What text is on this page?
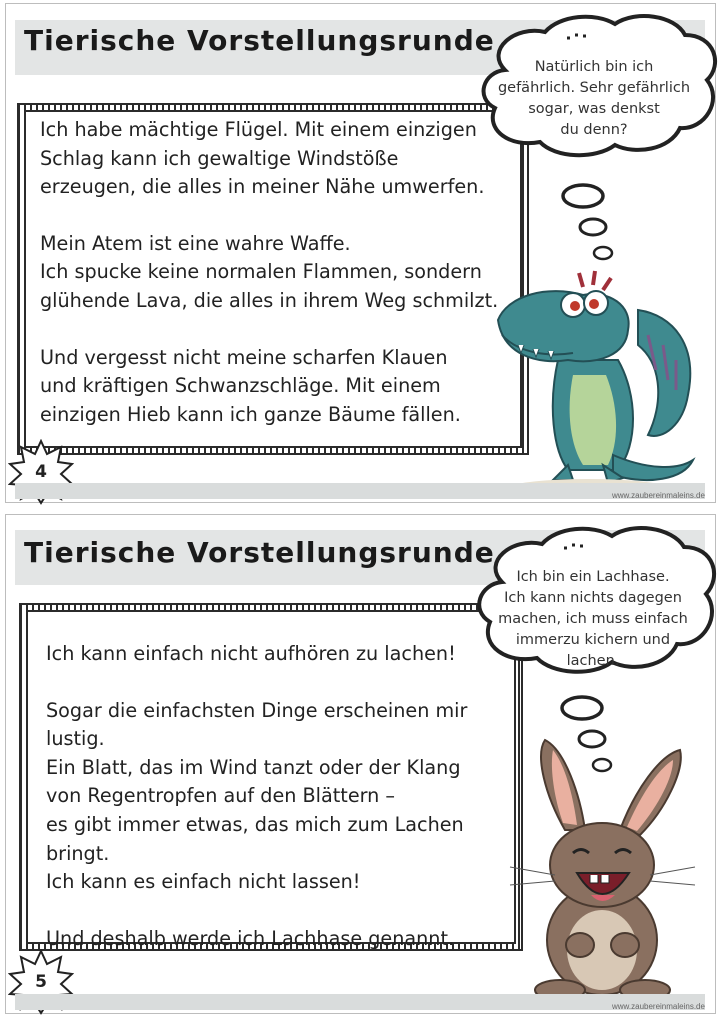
Tierische Vorstellungsrunde
Ich habe mächtige Flügel. Mit einem einzigen
Schlag kann ich gewaltige Windstöße
erzeugen, die alles in meiner Nähe umwerfen.
Mein Atem ist eine wahre Waffe.
Ich spucke keine normalen Flammen, sondern
glühende Lava, die alles in ihrem Weg schmilzt.
Und vergesst nicht meine scharfen Klauen
und kräftigen Schwanzschläge. Mit einem
einzigen Hieb kann ich ganze Bäume fällen.
Natürlich bin ich
gefährlich. Sehr gefährlich
sogar, was denkst
du denn?
4
www.zaubereinmaleins.de
Tierische Vorstellungsrunde
Ich kann einfach nicht aufhören zu lachen!
Sogar die einfachsten Dinge erscheinen mir
lustig.
Ein Blatt, das im Wind tanzt oder der Klang
von Regentropfen auf den Blättern –
es gibt immer etwas, das mich zum Lachen
bringt.
Ich kann es einfach nicht lassen!
Und deshalb werde ich Lachhase genannt.
Ich bin ein Lachhase.
Ich kann nichts dagegen
machen, ich muss einfach
immerzu kichern und
lachen.
5
www.zaubereinmaleins.de
